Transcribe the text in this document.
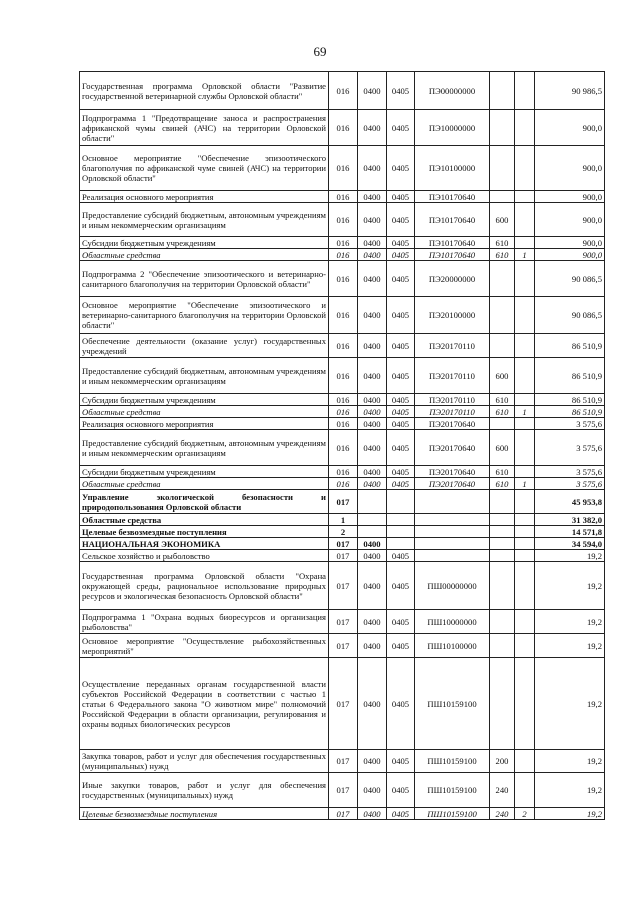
69
Государственная программа Орловской области "Развитие государственной ветеринарной службы Орловской области"	016	0400	0405	ПЭ00000000			90 986,5
Подпрограмма 1 "Предотвращение заноса и распространения африканской чумы свиней (АЧС) на территории Орловской области"	016	0400	0405	ПЭ10000000			900,0
Основное мероприятие "Обеспечение эпизоотического благополучия по африканской чуме свиней (АЧС) на территории Орловской области"	016	0400	0405	ПЭ10100000			900,0
Реализация основного мероприятия	016	0400	0405	ПЭ10170640			900,0
Предоставление субсидий бюджетным, автономным учреждениям и иным некоммерческим организациям	016	0400	0405	ПЭ10170640	600		900,0
Субсидии бюджетным учреждениям	016	0400	0405	ПЭ10170640	610		900,0
Областные средства	016	0400	0405	ПЭ10170640	610	1	900,0
Подпрограмма 2 "Обеспечение эпизоотического и ветеринарно-санитарного благополучия на территории Орловской области"	016	0400	0405	ПЭ20000000			90 086,5
Основное мероприятие "Обеспечение эпизоотического и ветеринарно-санитарного благополучия на территории Орловской области"	016	0400	0405	ПЭ20100000			90 086,5
Обеспечение деятельности (оказание услуг) государственных учреждений	016	0400	0405	ПЭ20170110			86 510,9
Предоставление субсидий бюджетным, автономным учреждениям и иным некоммерческим организациям	016	0400	0405	ПЭ20170110	600		86 510,9
Субсидии бюджетным учреждениям	016	0400	0405	ПЭ20170110	610		86 510,9
Областные средства	016	0400	0405	ПЭ20170110	610	1	86 510,9
Реализация основного мероприятия	016	0400	0405	ПЭ20170640			3 575,6
Предоставление субсидий бюджетным, автономным учреждениям и иным некоммерческим организациям	016	0400	0405	ПЭ20170640	600		3 575,6
Субсидии бюджетным учреждениям	016	0400	0405	ПЭ20170640	610		3 575,6
Областные средства	016	0400	0405	ПЭ20170640	610	1	3 575,6
Управление экологической безопасности и природопользования Орловской области	017						45 953,8
Областные средства	1						31 382,0
Целевые безвозмездные поступления	2						14 571,8
НАЦИОНАЛЬНАЯ ЭКОНОМИКА	017	0400					34 594,0
Сельское хозяйство и рыболовство	017	0400	0405				19,2
Государственная программа Орловской области "Охрана окружающей среды, рациональное использование природных ресурсов и экологическая безопасность Орловской области"	017	0400	0405	ПШ00000000			19,2
Подпрограмма 1 "Охрана водных биоресурсов и организация рыболовства"	017	0400	0405	ПШ10000000			19,2
Основное мероприятие "Осуществление рыбохозяйственных мероприятий"	017	0400	0405	ПШ10100000			19,2
Осуществление переданных органам государственной власти субъектов Российской Федерации в соответствии с частью 1 статьи 6 Федерального закона "О животном мире" полномочий Российской Федерации в области организации, регулирования и охраны водных биологических ресурсов	017	0400	0405	ПШ10159100			19,2
Закупка товаров, работ и услуг для обеспечения государственных (муниципальных) нужд	017	0400	0405	ПШ10159100	200		19,2
Иные закупки товаров, работ и услуг для обеспечения государственных (муниципальных) нужд	017	0400	0405	ПШ10159100	240		19,2
Целевые безвозмездные поступления	017	0400	0405	ПШ10159100	240	2	19,2
